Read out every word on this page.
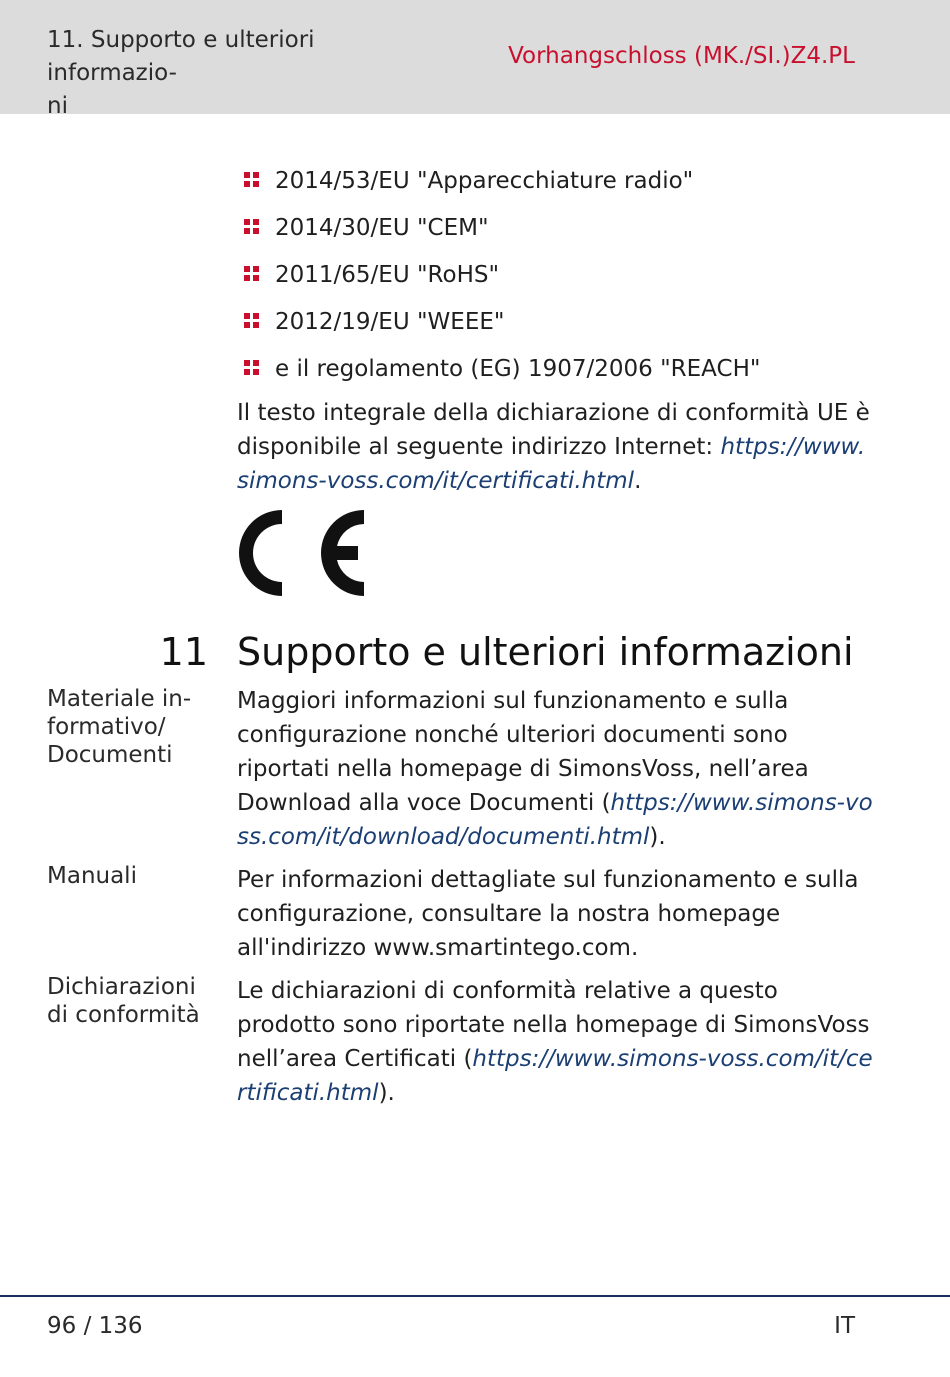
11. Supporto e ulteriori informazio-
ni
Vorhangschloss (MK./SI.)Z4.PL
2014/53/EU "Apparecchiature radio"
2014/30/EU "CEM"
2011/65/EU "RoHS"
2012/19/EU "WEEE"
e il regolamento (EG) 1907/2006 "REACH"
Il testo integrale della dichiarazione di conformità UE è disponibile al seguente indirizzo Internet: https://www.simons-voss.com/it/certificati.html.
11 Supporto e ulteriori informazioni
Materiale in-
formativo/
Documenti
Maggiori informazioni sul funzionamento e sulla configurazione nonché ulteriori documenti sono riportati nella homepage di SimonsVoss, nell’area Download alla voce Documenti (https://www.simons-voss.com/it/download/documenti.html).
Manuali	Per informazioni dettagliate sul funzionamento e sulla configurazione, consultare la nostra homepage all'indirizzo www.smartintego.com.
Dichiarazioni
di conformità
Le dichiarazioni di conformità relative a questo prodotto sono riportate nella homepage di SimonsVoss nell’area Certificati (https://www.simons-voss.com/it/certificati.html).
96 / 136	IT
